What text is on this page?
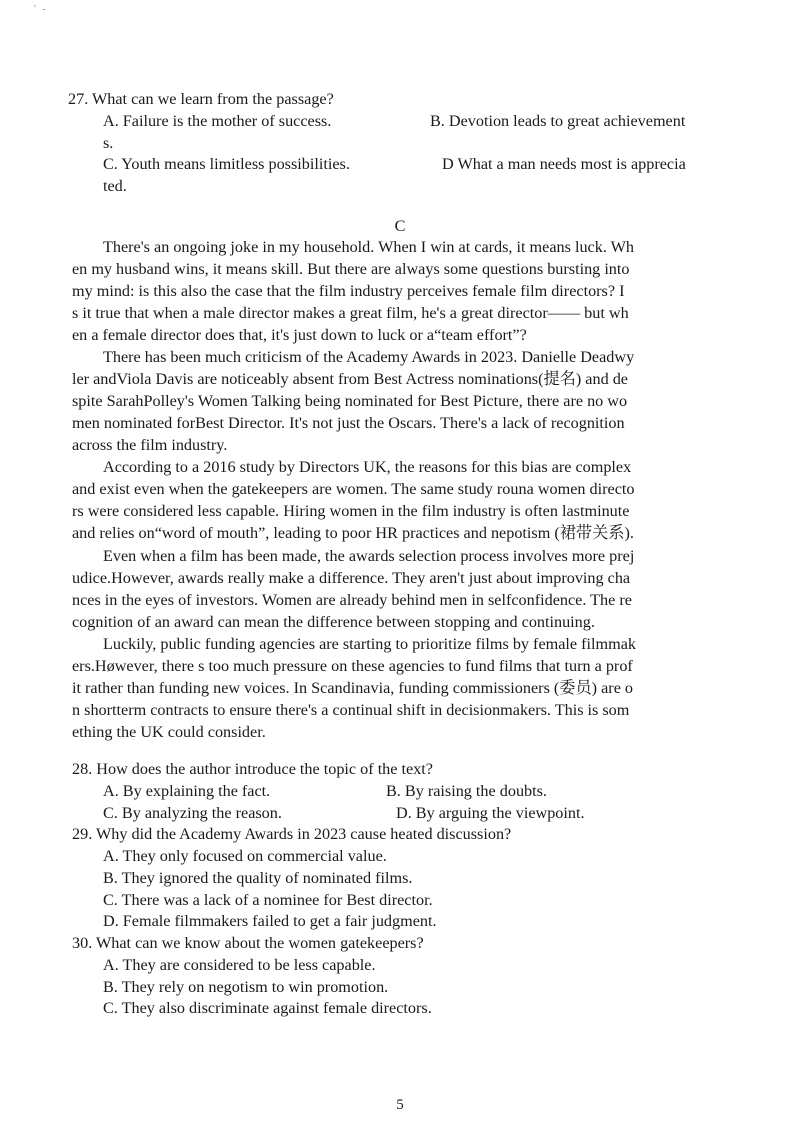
' -
27. What can we learn from the passage?
A. Failure is the mother of success.	B. Devotion leads to great achievement
s.
C. Youth means limitless possibilities.	D What a man needs most is apprecia
ted.
C
There's an ongoing joke in my household. When I win at cards, it means luck. Wh
en my husband wins, it means skill. But there are always some questions bursting into
my mind: is this also the case that the film industry perceives female film directors? I
s it true that when a male director makes a great film, he's a great director—— but wh
en a female director does that, it's just down to luck or a“team effort”?
There has been much criticism of the Academy Awards in 2023. Danielle Deadwy
ler andViola Davis are noticeably absent from Best Actress nominations(提名) and de
spite SarahPolley's Women Talking being nominated for Best Picture, there are no wo
men nominated forBest Director. It's not just the Oscars. There's a lack of recognition
across the film industry.
According to a 2016 study by Directors UK, the reasons for this bias are complex
and exist even when the gatekeepers are women. The same study rouna women directo
rs were considered less capable. Hiring women in the film industry is often lastminute
and relies on“word of mouth”, leading to poor HR practices and nepotism (裙带关系).
Even when a film has been made, the awards selection process involves more prej
udice.However, awards really make a difference. They aren't just about improving cha
nces in the eyes of investors. Women are already behind men in selfconfidence. The re
cognition of an award can mean the difference between stopping and continuing.
Luckily, public funding agencies are starting to prioritize films by female filmmak
ers.Høwever, there s too much pressure on these agencies to fund films that turn a prof
it rather than funding new voices. In Scandinavia, funding commissioners (委员) are o
n shortterm contracts to ensure there's a continual shift in decisionmakers. This is som
ething the UK could consider.
28. How does the author introduce the topic of the text?
A. By explaining the fact.	B. By raising the doubts.
C. By analyzing the reason.	D. By arguing the viewpoint.
29. Why did the Academy Awards in 2023 cause heated discussion?
A. They only focused on commercial value.
B. They ignored the quality of nominated films.
C. There was a lack of a nominee for Best director.
D. Female filmmakers failed to get a fair judgment.
30. What can we know about the women gatekeepers?
A. They are considered to be less capable.
B. They rely on negotism to win promotion.
C. They also discriminate against female directors.
5
